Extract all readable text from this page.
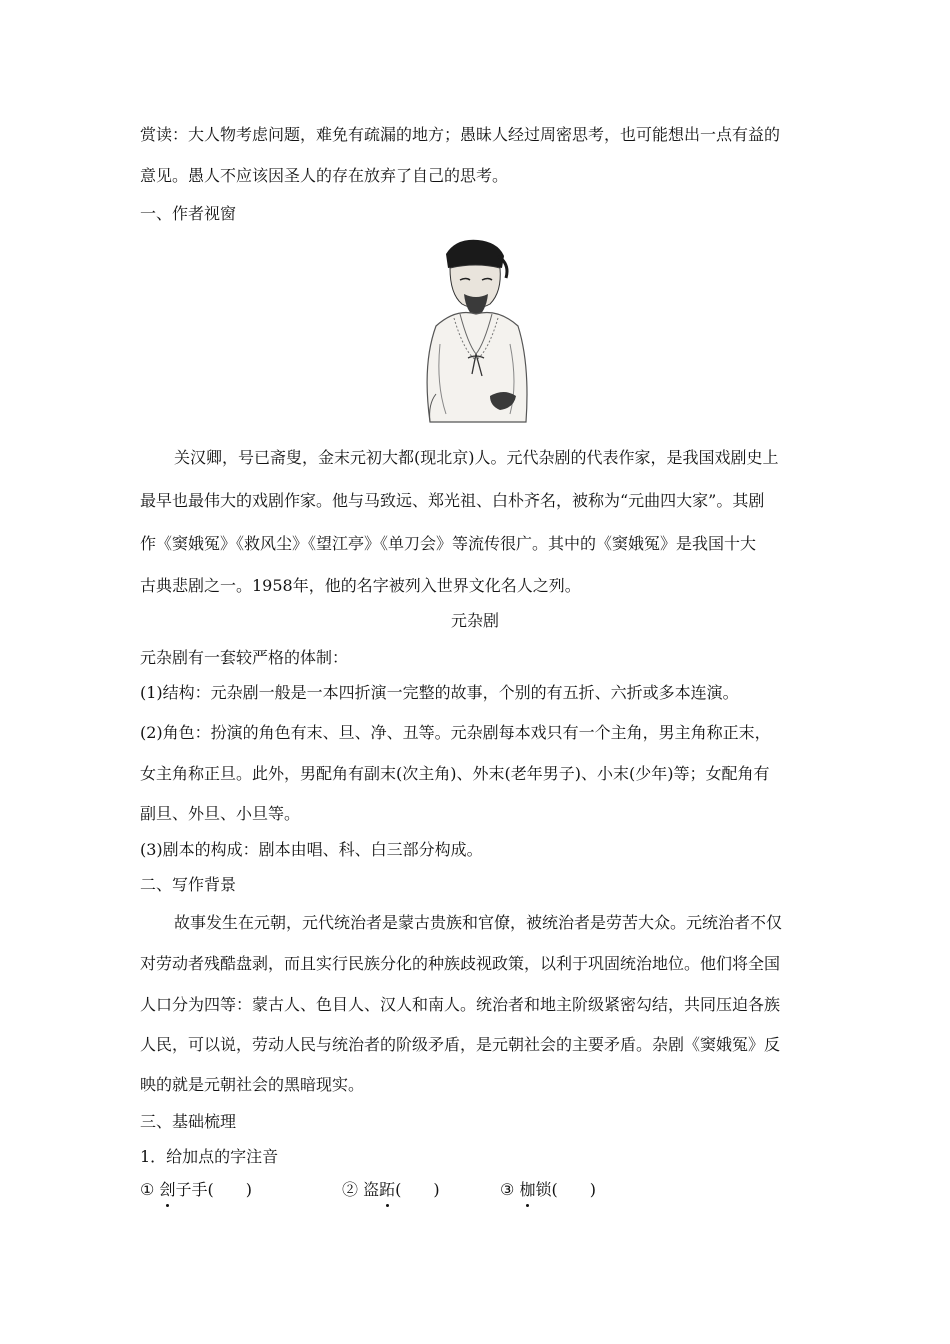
赏读：大人物考虑问题，难免有疏漏的地方；愚昧人经过周密思考，也可能想出一点有益的
意见。愚人不应该因圣人的存在放弃了自己的思考。
一、作者视窗
关汉卿，号已斋叟，金末元初大都(现北京)人。元代杂剧的代表作家，是我国戏剧史上
最早也最伟大的戏剧作家。他与马致远、郑光祖、白朴齐名，被称为“元曲四大家”。其剧
作《窦娥冤》《救风尘》《望江亭》《单刀会》等流传很广。其中的《窦娥冤》是我国十大
古典悲剧之一。1958年，他的名字被列入世界文化名人之列。
元杂剧
元杂剧有一套较严格的体制：
(1)结构：元杂剧一般是一本四折演一完整的故事，个别的有五折、六折或多本连演。
(2)角色：扮演的角色有末、旦、净、丑等。元杂剧每本戏只有一个主角，男主角称正末，
女主角称正旦。此外，男配角有副末(次主角)、外末(老年男子)、小末(少年)等；女配角有
副旦、外旦、小旦等。
(3)剧本的构成：剧本由唱、科、白三部分构成。
二、写作背景
故事发生在元朝，元代统治者是蒙古贵族和官僚，被统治者是劳苦大众。元统治者不仅
对劳动者残酷盘剥，而且实行民族分化的种族歧视政策，以利于巩固统治地位。他们将全国
人口分为四等：蒙古人、色目人、汉人和南人。统治者和地主阶级紧密勾结，共同压迫各族
人民，可以说，劳动人民与统治者的阶级矛盾，是元朝社会的主要矛盾。杂剧《窦娥冤》反
映的就是元朝社会的黑暗现实。
三、基础梳理
1．给加点的字注音
① 刽子手(　　)	② 盗跖(　　)	③ 枷锁(　　)
